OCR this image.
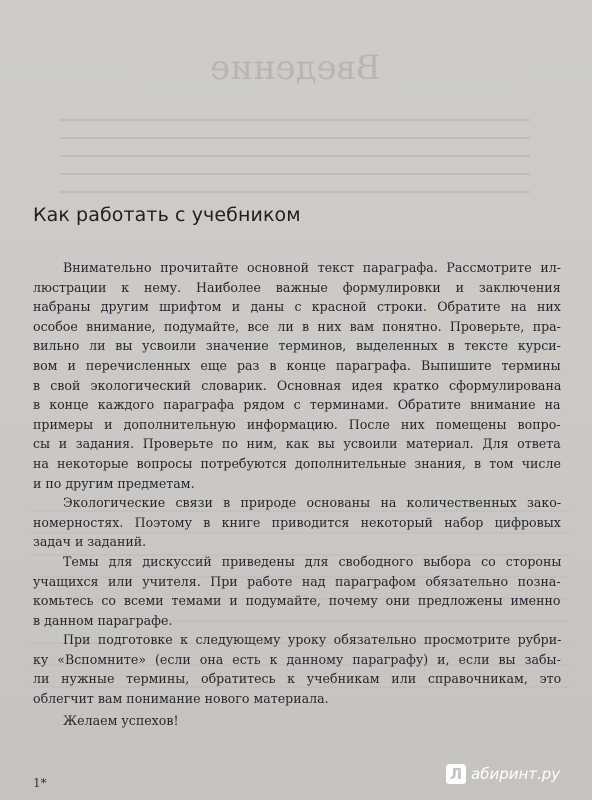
Введение
Как работать с учебником

Внимательно прочитайте основной текст параграфа. Рассмотрите ил-
люстрации к нему. Наиболее важные формулировки и заключения
набраны другим шрифтом и даны с красной строки. Обратите на них
особое внимание, подумайте, все ли в них вам понятно. Проверьте, пра-
вильно ли вы усвоили значение терминов, выделенных в тексте курси-
вом и перечисленных еще раз в конце параграфа. Выпишите термины
в свой экологический словарик. Основная идея кратко сформулирована
в конце каждого параграфа рядом с терминами. Обратите внимание на
примеры и дополнительную информацию. После них помещены вопро-
сы и задания. Проверьте по ним, как вы усвоили материал. Для ответа
на некоторые вопросы потребуются дополнительные знания, в том числе
и по другим предметам.

Экологические связи в природе основаны на количественных зако-
номерностях. Поэтому в книге приводится некоторый набор цифровых
задач и заданий.

Темы для дискуссий приведены для свободного выбора со стороны
учащихся или учителя. При работе над параграфом обязательно позна-
комьтесь со всеми темами и подумайте, почему они предложены именно
в данном параграфе.

При подготовке к следующему уроку обязательно просмотрите рубри-
ку «Вспомните» (если она есть к данному параграфу) и, если вы забы-
ли нужные термины, обратитесь к учебникам или справочникам, это
облегчит вам понимание нового материала.

Желаем успехов!

1*	Л абиринт.ру
